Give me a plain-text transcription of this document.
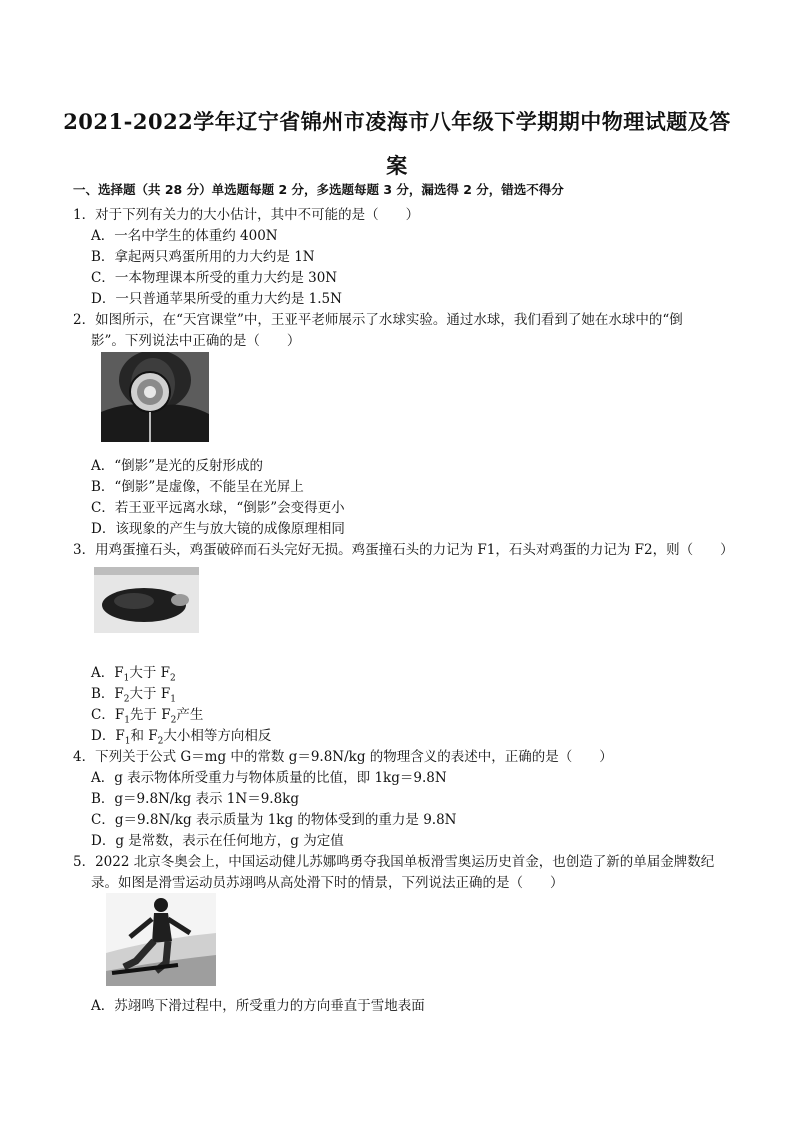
2021-2022学年辽宁省锦州市凌海市八年级下学期期中物理试题及答
案
一、选择题（共 28 分）单选题每题 2 分，多选题每题 3 分，漏选得 2 分，错选不得分
1．对于下列有关力的大小估计，其中不可能的是（　　）
A．一名中学生的体重约 400N
B．拿起两只鸡蛋所用的力大约是 1N
C．一本物理课本所受的重力大约是 30N
D．一只普通苹果所受的重力大约是 1.5N
2．如图所示，在“天宫课堂”中，王亚平老师展示了水球实验。通过水球，我们看到了她在水球中的“倒
影”。下列说法中正确的是（　　）
A．“倒影”是光的反射形成的
B．“倒影”是虚像，不能呈在光屏上
C．若王亚平远离水球，“倒影”会变得更小
D．该现象的产生与放大镜的成像原理相同
3．用鸡蛋撞石头，鸡蛋破碎而石头完好无损。鸡蛋撞石头的力记为 F1，石头对鸡蛋的力记为 F2，则（　　）
A．$F_1$大于 $F_2$
B．$F_2$大于 $F_1$
C．$F_1$先于 $F_2$产生
D．$F_1$和 $F_2$大小相等方向相反
4．下列关于公式 G＝mg 中的常数 g＝9.8N/kg 的物理含义的表述中，正确的是（　　）
A．g 表示物体所受重力与物体质量的比值，即 1kg＝9.8N
B．g＝9.8N/kg 表示 1N＝9.8kg
C．g＝9.8N/kg 表示质量为 1kg 的物体受到的重力是 9.8N
D．g 是常数，表示在任何地方，g 为定值
5．2022 北京冬奥会上，中国运动健儿苏娜鸣勇夺我国单板滑雪奥运历史首金，也创造了新的单届金牌数纪
录。如图是滑雪运动员苏翊鸣从高处滑下时的情景，下列说法正确的是（　　）
A．苏翊鸣下滑过程中，所受重力的方向垂直于雪地表面
